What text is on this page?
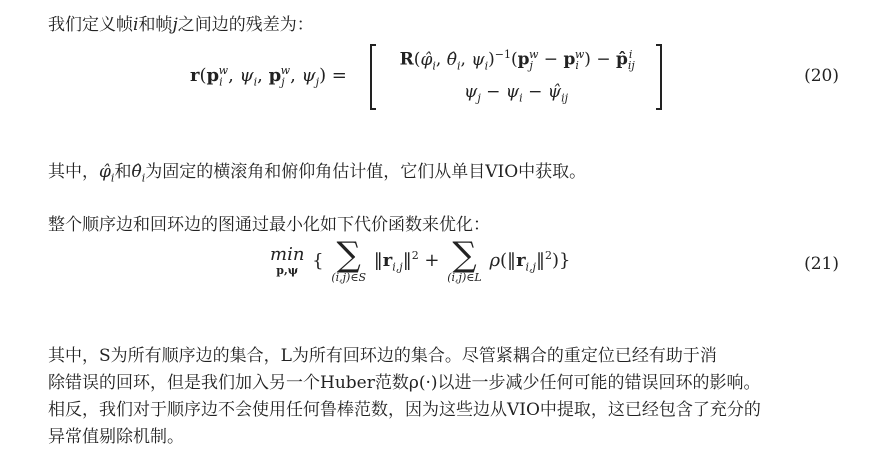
我们定义帧i和帧j之间边的残差为：
$r(p_i^w$, $\psi_i$, $p_j^w$, $\psi_j$) =
$R(\varphî_i$, $\thetâ_i$, $\psi_i)^{-1}(p_j^w - p_i^w)$ − $p̂_{ij}^i$
$\psi_j - \psi_i$ − $\psî_{ij}$
(20)
其中，$\varphî_i$和$\thetâ_i$为固定的横滚角和俯仰角估计值，它们从单目VIO中获取。
整个顺序边和回环边的图通过最小化如下代价函数来优化：
min
p,ψ { ∑
(i,j)∈S
$‖r_{i,j}‖^2$ + ∑
(i,j)∈L
$\rho(‖r_{i,j}‖^2)$}	(21)

其中，S为所有顺序边的集合，L为所有回环边的集合。尽管紧耦合的重定位已经有助于消

除错误的回环，但是我们加入另一个Huber范数ρ(·)以进一步减少任何可能的错误回环的影响。

相反，我们对于顺序边不会使用任何鲁棒范数，因为这些边从VIO中提取，这已经包含了充分的

异常值剔除机制。
